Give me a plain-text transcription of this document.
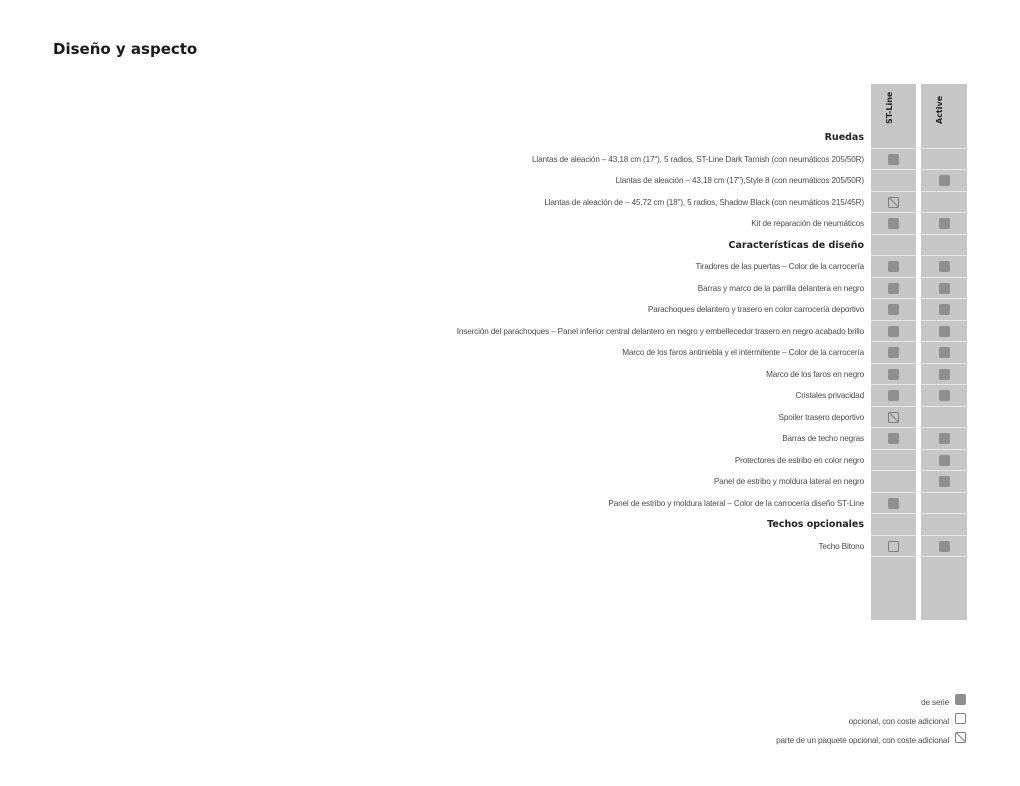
Diseño y aspecto
ST-Line	Active
Ruedas
Llantas de aleación – 43,18 cm (17"), 5 radios, ST-Line Dark Tarnish (con neumáticos 205/50R)
Llantas de aleación – 43,18 cm (17"),Style 8 (con neumáticos 205/50R)
Llantas de aleación de – 45,72 cm (18"), 5 radios, Shadow Black (con neumáticos 215/45R)
Kit de reparación de neumáticos
Características de diseño
Tiradores de las puertas – Color de la carrocería
Barras y marco de la parrilla delantera en negro
Parachoques delantero y trasero en color carrocería deportivo
Inserción del parachoques – Panel inferior central delantero en negro y embellecedor trasero en negro acabado brillo
Marco de los faros antiniebla y el intermitente – Color de la carrocería
Marco de los faros en negro
Cristales privacidad
Spoiler trasero deportivo
Barras de techo negras
Protectores de estribo en color negro
Panel de estribo y moldura lateral en negro
Panel de estribo y moldura lateral – Color de la carrocería diseño ST-Line
Techos opcionales
Techo Bitono
de serie
opcional, con coste adicional
parte de un paquete opcional, con coste adicional
